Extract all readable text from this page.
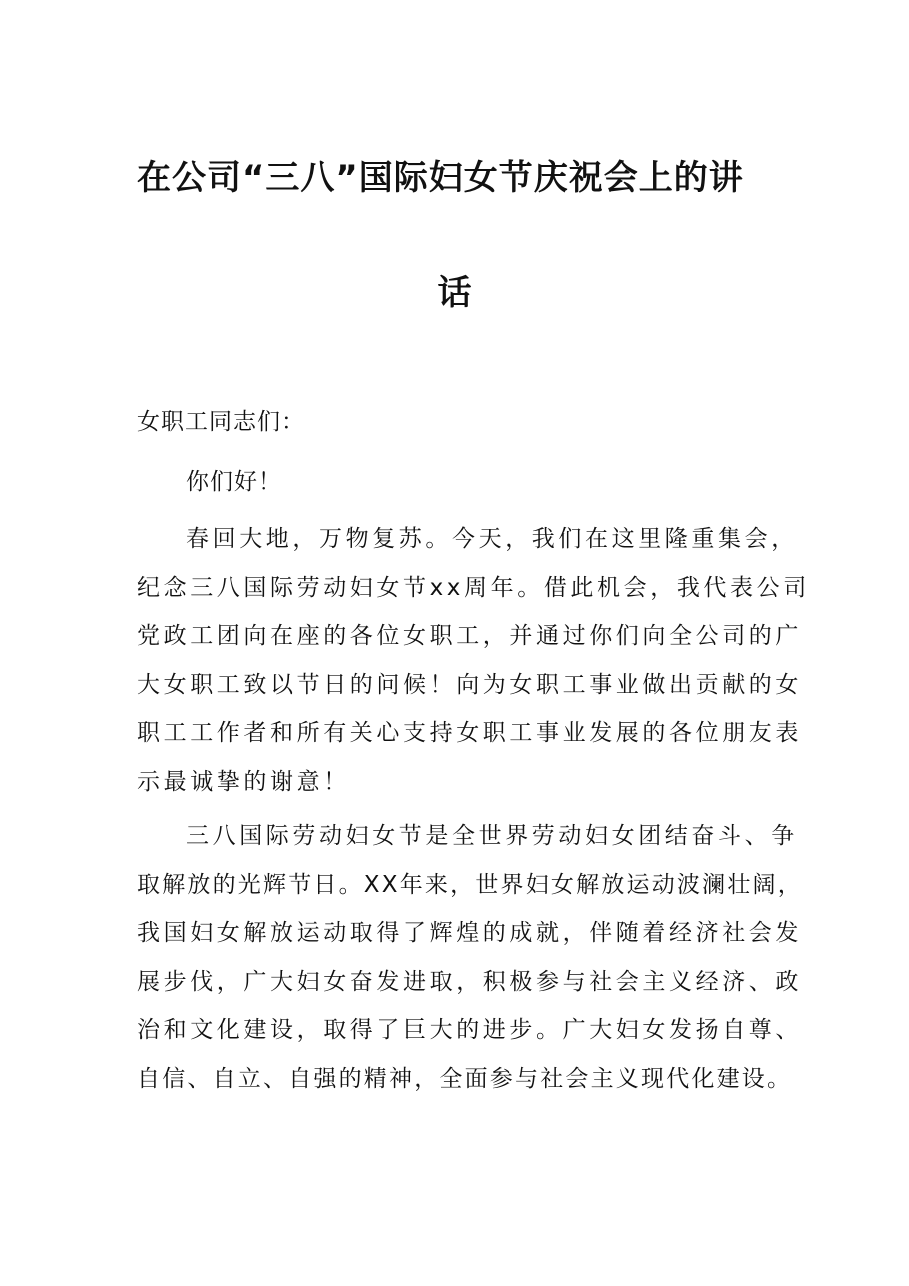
在公司“三八”国际妇女节庆祝会上的讲
话
女职工同志们：
你们好！
春回大地，万物复苏。今天，我们在这里隆重集会，
纪念三八国际劳动妇女节xx周年。借此机会，我代表公司
党政工团向在座的各位女职工，并通过你们向全公司的广
大女职工致以节日的问候！向为女职工事业做出贡献的女
职工工作者和所有关心支持女职工事业发展的各位朋友表
示最诚挚的谢意！
三八国际劳动妇女节是全世界劳动妇女团结奋斗、争
取解放的光辉节日。XX年来，世界妇女解放运动波澜壮阔，
我国妇女解放运动取得了辉煌的成就，伴随着经济社会发
展步伐，广大妇女奋发进取，积极参与社会主义经济、政
治和文化建设，取得了巨大的进步。广大妇女发扬自尊、
自信、自立、自强的精神，全面参与社会主义现代化建设。
